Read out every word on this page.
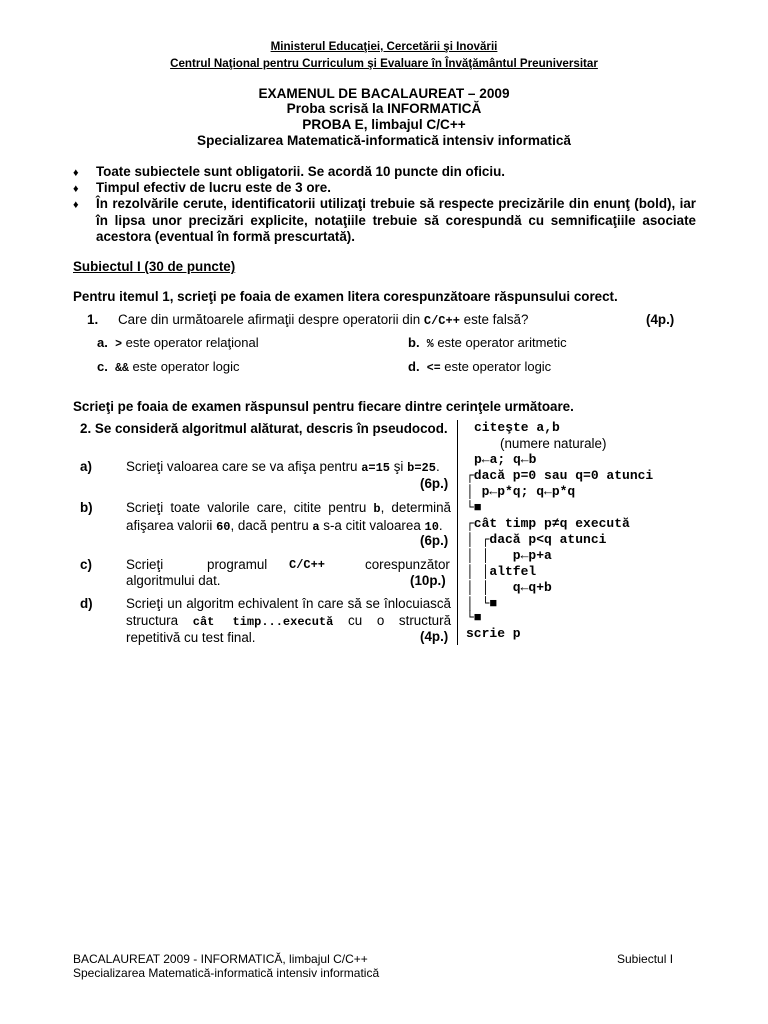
Ministerul Educaţiei, Cercetării şi Inovării
Centrul Naţional pentru Curriculum şi Evaluare în Învăţământul Preuniversitar
EXAMENUL DE BACALAUREAT – 2009
Proba scrisă la INFORMATICĂ
PROBA E, limbajul C/C++
Specializarea Matematică-informatică intensiv informatică
♦ Toate subiectele sunt obligatorii. Se acordă 10 puncte din oficiu.
♦ Timpul efectiv de lucru este de 3 ore.
♦ În rezolvările cerute, identificatorii utilizaţi trebuie să respecte precizările din enunţ (bold), iar în lipsa unor precizări explicite, notaţiile trebuie să corespundă cu semnificaţiile asociate acestora (eventual în formă prescurtată).
Subiectul I (30 de puncte)
Pentru itemul 1, scrieţi pe foaia de examen litera corespunzătoare răspunsului corect.
1. Care din următoarele afirmaţii despre operatorii din C/C++ este falsă?	(4p.)
a. > este operator relaţional	b. % este operator aritmetic
c. && este operator logic	d. <= este operator logic
Scrieţi pe foaia de examen răspunsul pentru fiecare dintre cerinţele următoare.
2. Se consideră algoritmul alăturat, descris în pseudocod.
a)	Scrieţi valoarea care se va afişa pentru a=15 şi b=25.
(6p.)
b) Scrieţi toate valorile care, citite pentru b, determină afişarea valorii 60, dacă pentru a s-a citit valoarea 10.
(6p.)
c)	Scrieţi	programul C/C++	corespunzător
algoritmului dat.	(10p.)
d) Scrieţi un algoritm echivalent în care să se înlocuiască structura cât timp...execută cu o structură repetitivă cu test final.	(4p.)
citeşte a,b
(numere naturale)
p←a; q←b
┌dacă p=0 sau q=0 atunci
│ p←p*q; q←p*q
└■
┌cât timp p≠q execută
│ ┌dacă p<q atunci
│ │   p←p+a
│ │altfel
│ │   q←q+b
│ └■
└■
scrie p
BACALAUREAT 2009 - INFORMATICĂ, limbajul C/C++
Specializarea Matematică-informatică intensiv informatică
Subiectul I
